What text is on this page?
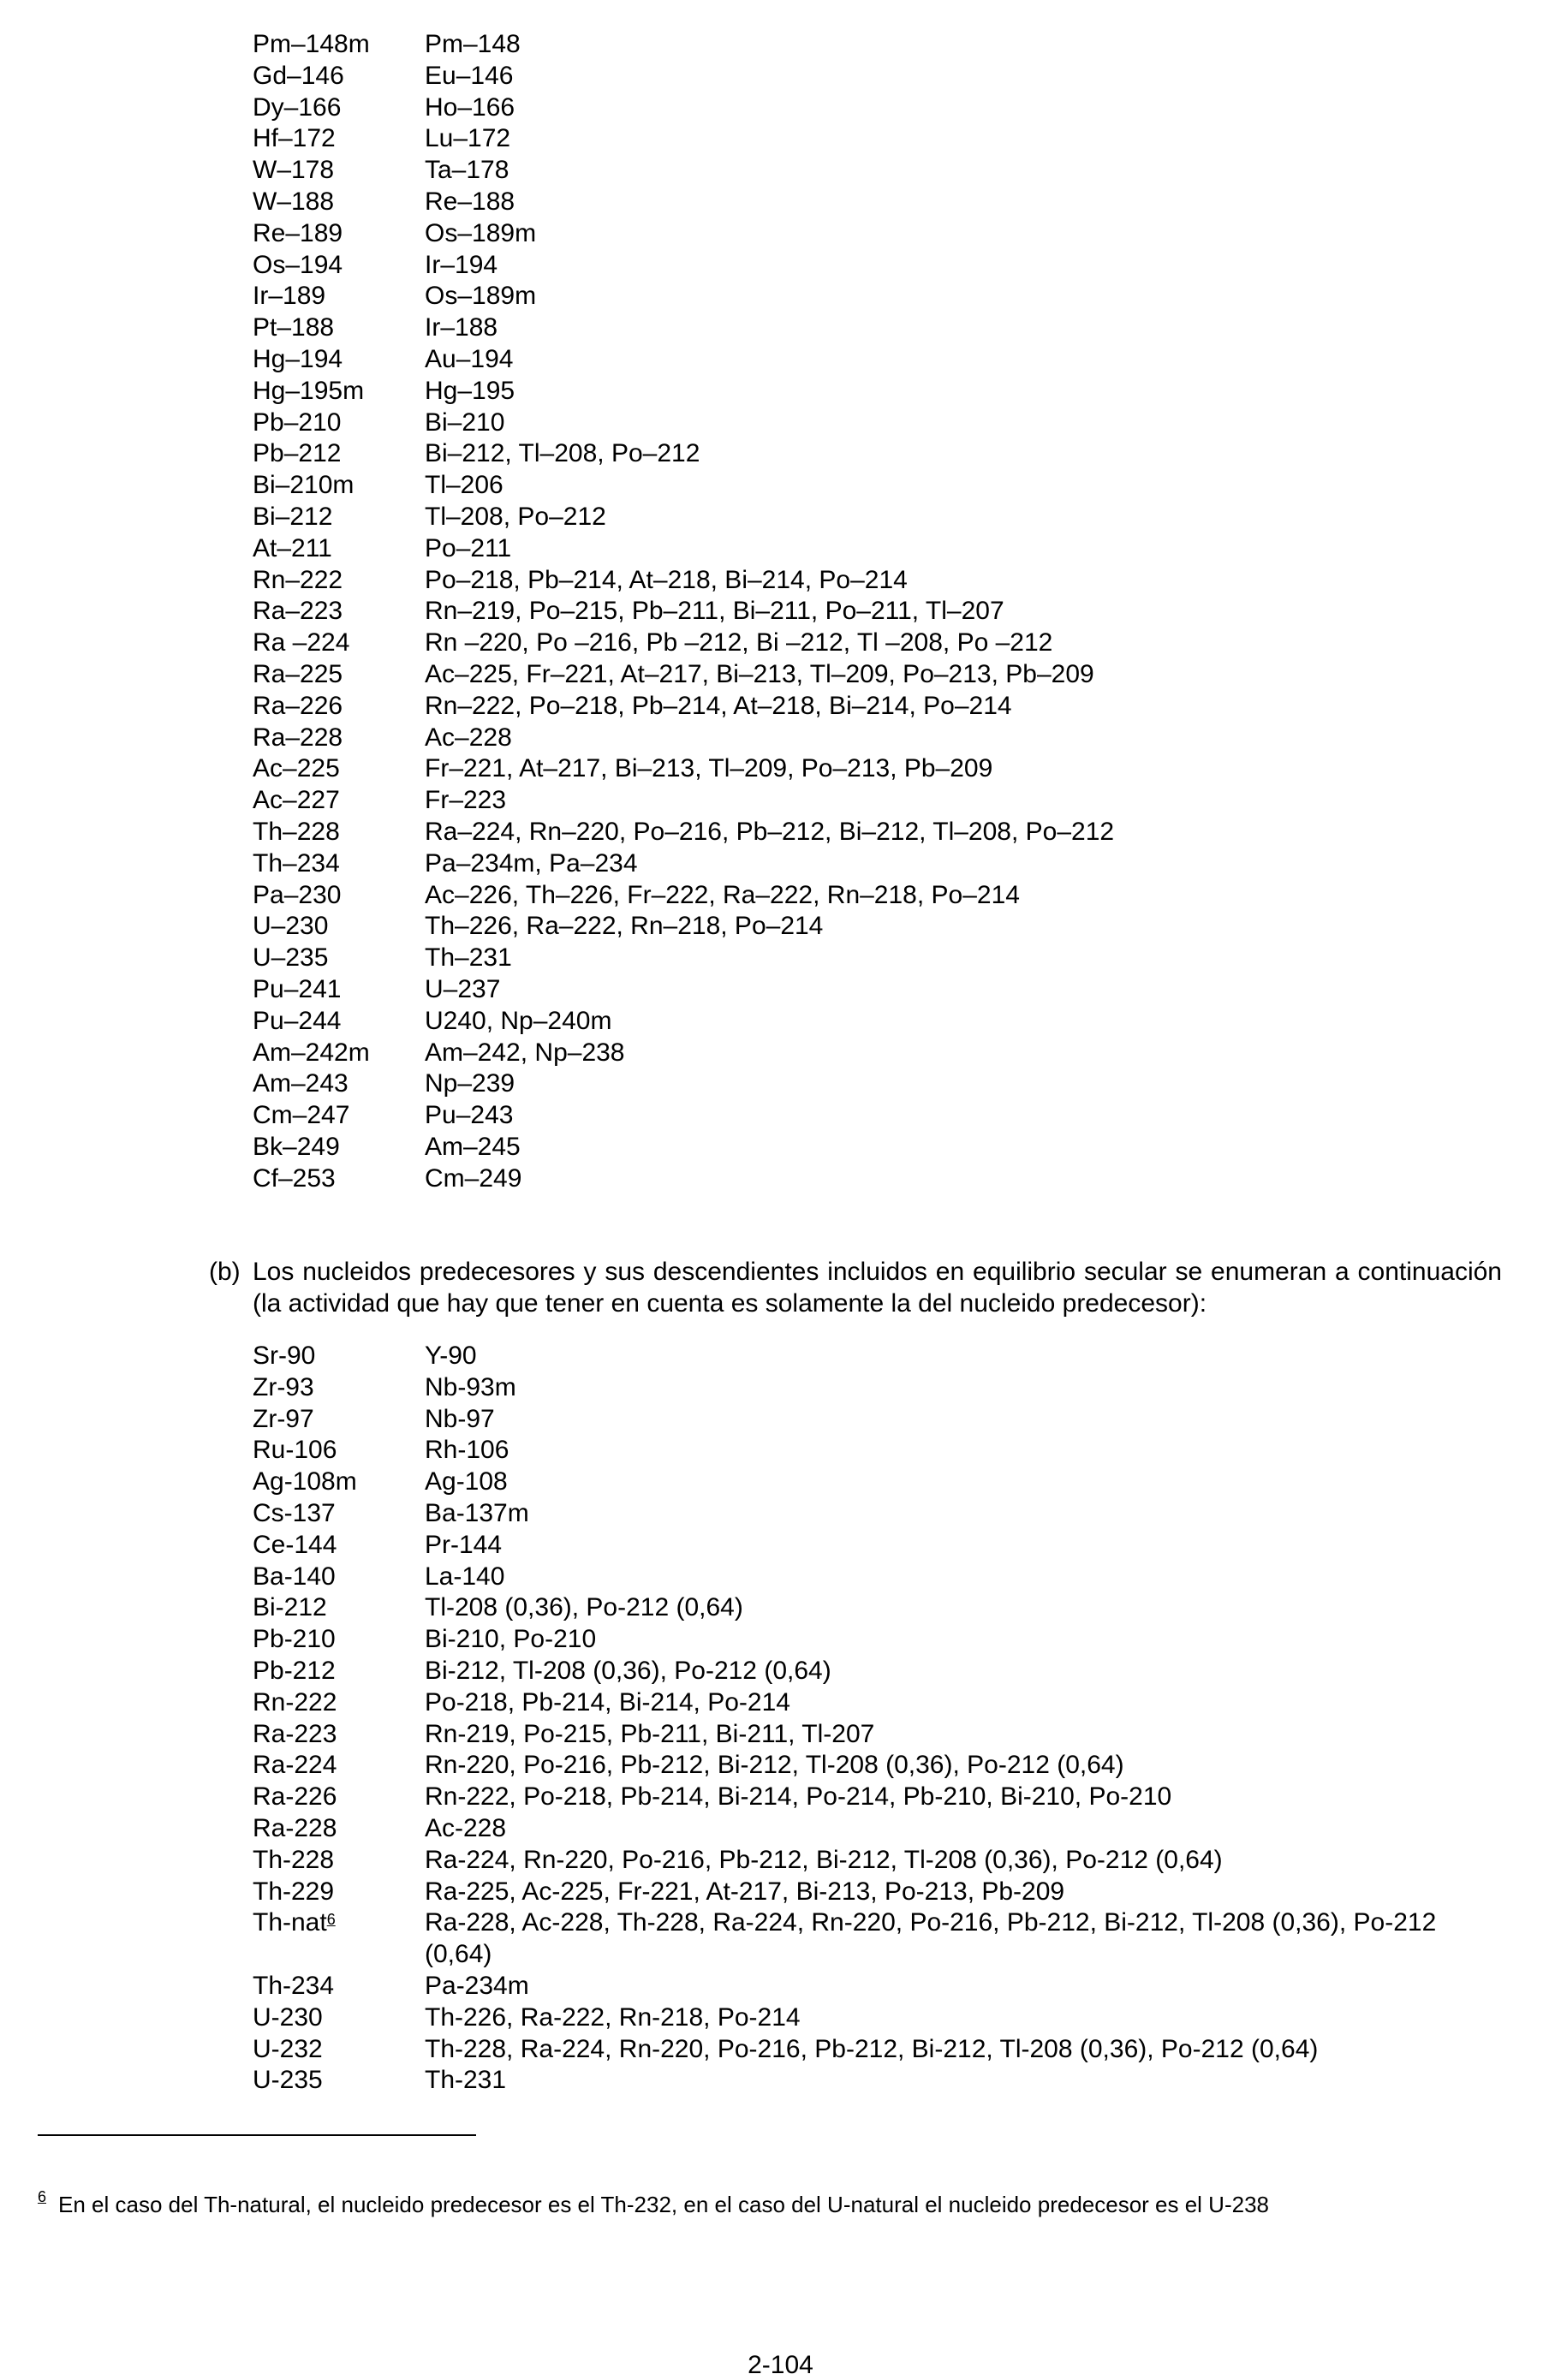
Pm–148m	Pm–148
Gd–146	Eu–146
Dy–166	Ho–166
Hf–172	Lu–172
W–178	Ta–178
W–188	Re–188
Re–189	Os–189m
Os–194	Ir–194
Ir–189	Os–189m
Pt–188	Ir–188
Hg–194	Au–194
Hg–195m	Hg–195
Pb–210	Bi–210
Pb–212	Bi–212, Tl–208, Po–212
Bi–210m	Tl–206
Bi–212	Tl–208, Po–212
At–211	Po–211
Rn–222	Po–218, Pb–214, At–218, Bi–214, Po–214
Ra–223	Rn–219, Po–215, Pb–211, Bi–211, Po–211, Tl–207
Ra –224	Rn –220, Po –216, Pb –212, Bi –212, Tl –208, Po –212
Ra–225	Ac–225, Fr–221, At–217, Bi–213, Tl–209, Po–213, Pb–209
Ra–226	Rn–222, Po–218, Pb–214, At–218, Bi–214, Po–214
Ra–228	Ac–228
Ac–225	Fr–221, At–217, Bi–213, Tl–209, Po–213, Pb–209
Ac–227	Fr–223
Th–228	Ra–224, Rn–220, Po–216, Pb–212, Bi–212, Tl–208, Po–212
Th–234	Pa–234m, Pa–234
Pa–230	Ac–226, Th–226, Fr–222, Ra–222, Rn–218, Po–214
U–230	Th–226, Ra–222, Rn–218, Po–214
U–235	Th–231
Pu–241	U–237
Pu–244	U240, Np–240m
Am–242m	Am–242, Np–238
Am–243	Np–239
Cm–247	Pu–243
Bk–249	Am–245
Cf–253	Cm–249
(b) Los nucleidos predecesores y sus descendientes incluidos en equilibrio secular se enumeran a continuación (la actividad que hay que tener en cuenta es solamente la del nucleido predecesor):
Sr-90	Y-90
Zr-93	Nb-93m
Zr-97	Nb-97
Ru-106	Rh-106
Ag-108m	Ag-108
Cs-137	Ba-137m
Ce-144	Pr-144
Ba-140	La-140
Bi-212	Tl-208 (0,36), Po-212 (0,64)
Pb-210	Bi-210, Po-210
Pb-212	Bi-212, Tl-208 (0,36), Po-212 (0,64)
Rn-222	Po-218, Pb-214, Bi-214, Po-214
Ra-223	Rn-219, Po-215, Pb-211, Bi-211, Tl-207
Ra-224	Rn-220, Po-216, Pb-212, Bi-212, Tl-208 (0,36), Po-212 (0,64)
Ra-226	Rn-222, Po-218, Pb-214, Bi-214, Po-214, Pb-210, Bi-210, Po-210
Ra-228	Ac-228
Th-228	Ra-224, Rn-220, Po-216, Pb-212, Bi-212, Tl-208 (0,36), Po-212 (0,64)
Th-229	Ra-225, Ac-225, Fr-221, At-217, Bi-213, Po-213, Pb-209
Th-nat$^6$	Ra-228, Ac-228, Th-228, Ra-224, Rn-220, Po-216, Pb-212, Bi-212, Tl-208 (0,36), Po-212 (0,64)
Th-234	Pa-234m
U-230	Th-226, Ra-222, Rn-218, Po-214
U-232	Th-228, Ra-224, Rn-220, Po-216, Pb-212, Bi-212, Tl-208 (0,36), Po-212 (0,64)
U-235	Th-231
$^6$ En el caso del Th-natural, el nucleido predecesor es el Th-232, en el caso del U-natural el nucleido predecesor es el U-238
2-104
